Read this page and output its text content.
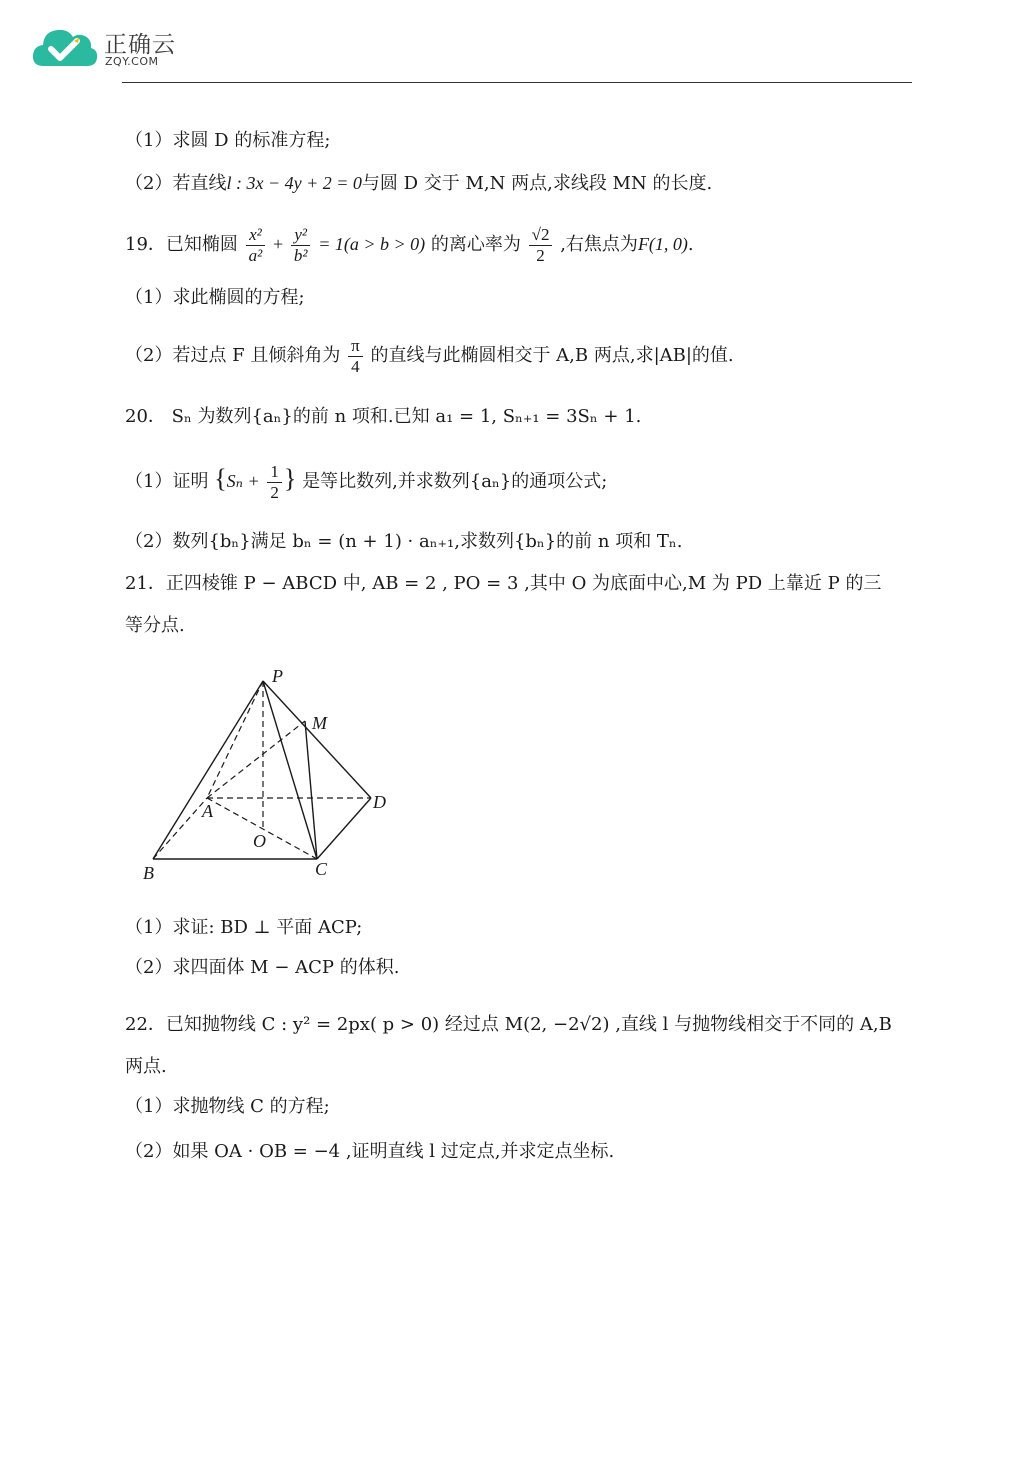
正确云
ZQY.COM
（1）求圆 D 的标准方程;
（2）若直线l : 3x − 4y + 2 = 0与圆 D 交于 M,N 两点,求线段 MN 的长度.
19．已知椭圆 $\frac{\text{x²}}{\text{a²}} + \frac{\text{y²}}{\text{b²}} = 1(a > b > 0)$ 的离心率为 $\frac{√2}{2}$ ,右焦点为F(1, 0).
（1）求此椭圆的方程;
（2）若过点 F 且倾斜角为 $\frac{\pi}{4}$ 的直线与此椭圆相交于 A,B 两点,求|AB|的值.
20． Sₙ 为数列{aₙ}的前 n 项和.已知 a₁ = 1, Sₙ₊₁ = 3Sₙ + 1.
（1）证明 {$S_n + \frac{1}{2}$ } 是等比数列,并求数列{aₙ}的通项公式;
（2）数列{bₙ}满足 bₙ = (n + 1) · aₙ₊₁,求数列{bₙ}的前 n 项和 Tₙ.
21．正四棱锥 P − ABCD 中, AB = 2 , PO = 3 ,其中 O 为底面中心,M 为 PD 上靠近 P 的三
等分点.
P
M
A	D
O
B	C
（1）求证: BD ⊥ 平面 ACP;
（2）求四面体 M − ACP 的体积.
22．已知抛物线 C : y² = 2px( p > 0) 经过点 M(2, −2√2) ,直线 l 与抛物线相交于不同的 A,B
两点.
（1）求抛物线 C 的方程;
（2）如果 OA · OB = −4 ,证明直线 l 过定点,并求定点坐标.
